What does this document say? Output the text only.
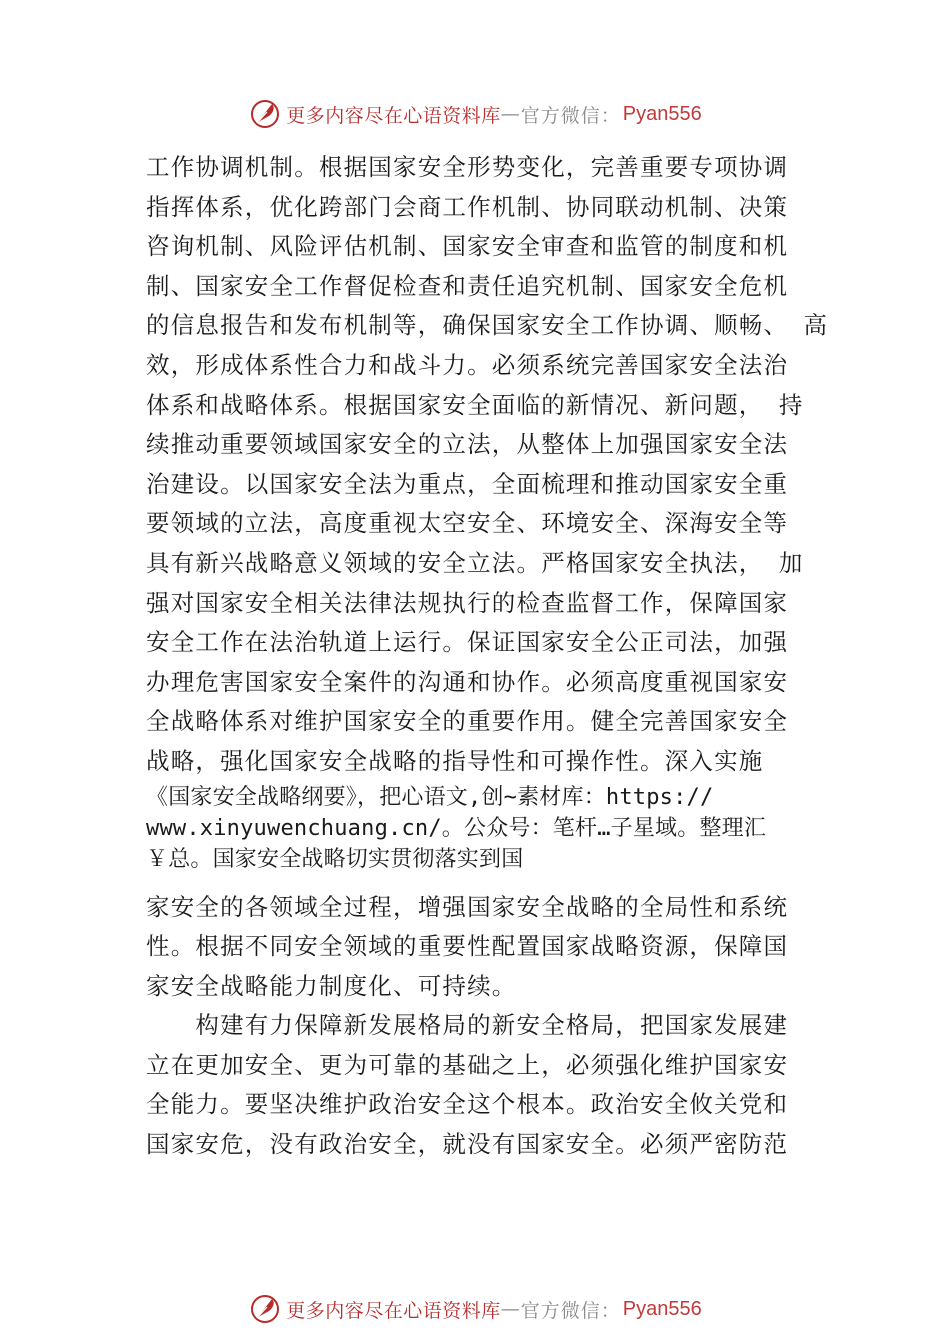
更多内容尽在心语资料库 — 官方微信： Pyan556
工作协调机制。根据国家安全形势变化，完善重要专项协调
指挥体系，优化跨部门会商工作机制、协同联动机制、决策
咨询机制、风险评估机制、国家安全审查和监管的制度和机
制、国家安全工作督促检查和责任追究机制、国家安全危机
的信息报告和发布机制等，确保国家安全工作协调、顺畅、 高
效，形成体系性合力和战斗力。必须系统完善国家安全法治
体系和战略体系。根据国家安全面临的新情况、新问题， 持
续推动重要领域国家安全的立法，从整体上加强国家安全法
治建设。以国家安全法为重点，全面梳理和推动国家安全重
要领域的立法，高度重视太空安全、环境安全、深海安全等
具有新兴战略意义领域的安全立法。严格国家安全执法， 加
强对国家安全相关法律法规执行的检查监督工作，保障国家
安全工作在法治轨道上运行。保证国家安全公正司法，加强
办理危害国家安全案件的沟通和协作。必须高度重视国家安
全战略体系对维护国家安全的重要作用。健全完善国家安全
战略，强化国家安全战略的指导性和可操作性。深入实施
《国家安全战略纲要》，把心语文,创~素材库：https://
www.xinyuwenchuang.cn/。公众号：笔杆…子星域。整理汇
￥总。国家安全战略切实贯彻落实到国
家安全的各领域全过程，增强国家安全战略的全局性和系统
性。根据不同安全领域的重要性配置国家战略资源，保障国
家安全战略能力制度化、可持续。
　　构建有力保障新发展格局的新安全格局，把国家发展建
立在更加安全、更为可靠的基础之上，必须强化维护国家安
全能力。要坚决维护政治安全这个根本。政治安全攸关党和
国家安危，没有政治安全，就没有国家安全。必须严密防范
更多内容尽在心语资料库 — 官方微信： Pyan556
